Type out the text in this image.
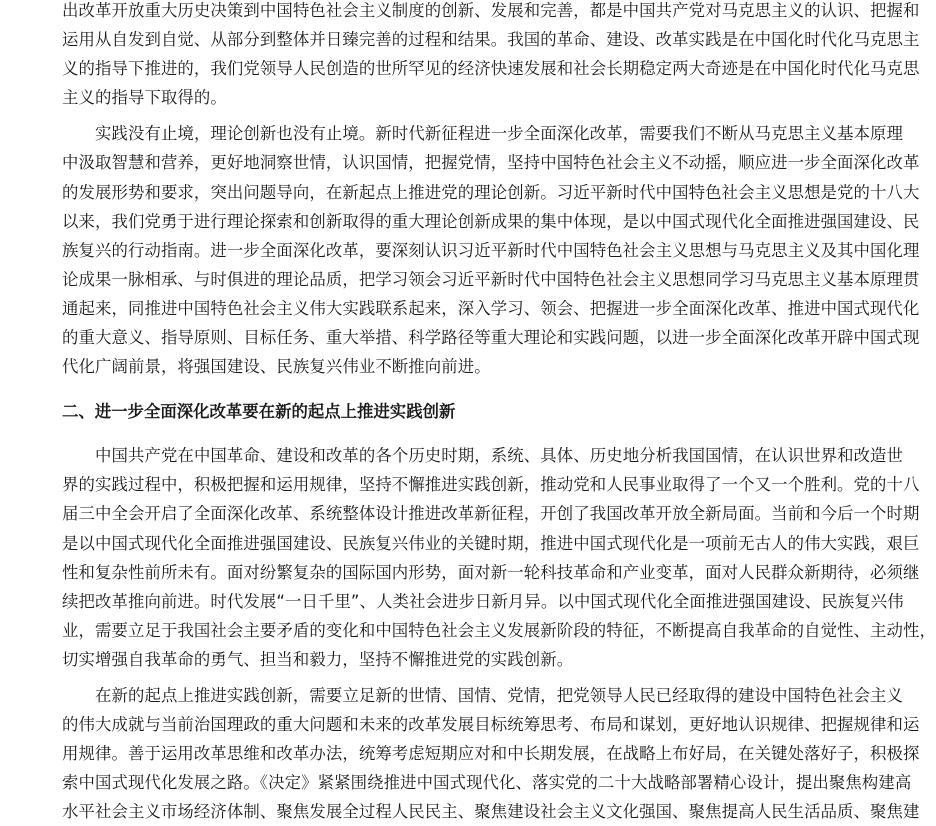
出改革开放重大历史决策到中国特色社会主义制度的创新、发展和完善，都是中国共产党对马克思主义的认识、把握和
运用从自发到自觉、从部分到整体并日臻完善的过程和结果。我国的革命、建设、改革实践是在中国化时代化马克思主
义的指导下推进的，我们党领导人民创造的世所罕见的经济快速发展和社会长期稳定两大奇迹是在中国化时代化马克思
主义的指导下取得的。
实践没有止境，理论创新也没有止境。新时代新征程进一步全面深化改革，需要我们不断从马克思主义基本原理
中汲取智慧和营养，更好地洞察世情，认识国情，把握党情，坚持中国特色社会主义不动摇，顺应进一步全面深化改革
的发展形势和要求，突出问题导向，在新起点上推进党的理论创新。习近平新时代中国特色社会主义思想是党的十八大
以来，我们党勇于进行理论探索和创新取得的重大理论创新成果的集中体现，是以中国式现代化全面推进强国建设、民
族复兴的行动指南。进一步全面深化改革，要深刻认识习近平新时代中国特色社会主义思想与马克思主义及其中国化理
论成果一脉相承、与时俱进的理论品质，把学习领会习近平新时代中国特色社会主义思想同学习马克思主义基本原理贯
通起来，同推进中国特色社会主义伟大实践联系起来，深入学习、领会、把握进一步全面深化改革、推进中国式现代化
的重大意义、指导原则、目标任务、重大举措、科学路径等重大理论和实践问题，以进一步全面深化改革开辟中国式现
代化广阔前景，将强国建设、民族复兴伟业不断推向前进。
二、进一步全面深化改革要在新的起点上推进实践创新
中国共产党在中国革命、建设和改革的各个历史时期，系统、具体、历史地分析我国国情，在认识世界和改造世
界的实践过程中，积极把握和运用规律，坚持不懈推进实践创新，推动党和人民事业取得了一个又一个胜利。党的十八
届三中全会开启了全面深化改革、系统整体设计推进改革新征程，开创了我国改革开放全新局面。当前和今后一个时期
是以中国式现代化全面推进强国建设、民族复兴伟业的关键时期，推进中国式现代化是一项前无古人的伟大实践，艰巨
性和复杂性前所未有。面对纷繁复杂的国际国内形势，面对新一轮科技革命和产业变革，面对人民群众新期待，必须继
续把改革推向前进。时代发展“一日千里”、人类社会进步日新月异。以中国式现代化全面推进强国建设、民族复兴伟
业，需要立足于我国社会主要矛盾的变化和中国特色社会主义发展新阶段的特征，不断提高自我革命的自觉性、主动性，
切实增强自我革命的勇气、担当和毅力，坚持不懈推进党的实践创新。
在新的起点上推进实践创新，需要立足新的世情、国情、党情，把党领导人民已经取得的建设中国特色社会主义
的伟大成就与当前治国理政的重大问题和未来的改革发展目标统筹思考、布局和谋划，更好地认识规律、把握规律和运
用规律。善于运用改革思维和改革办法，统筹考虑短期应对和中长期发展，在战略上布好局，在关键处落好子，积极探
索中国式现代化发展之路。《决定》紧紧围绕推进中国式现代化、落实党的二十大战略部署精心设计，提出聚焦构建高
水平社会主义市场经济体制、聚焦发展全过程人民民主、聚焦建设社会主义文化强国、聚焦提高人民生活品质、聚焦建
